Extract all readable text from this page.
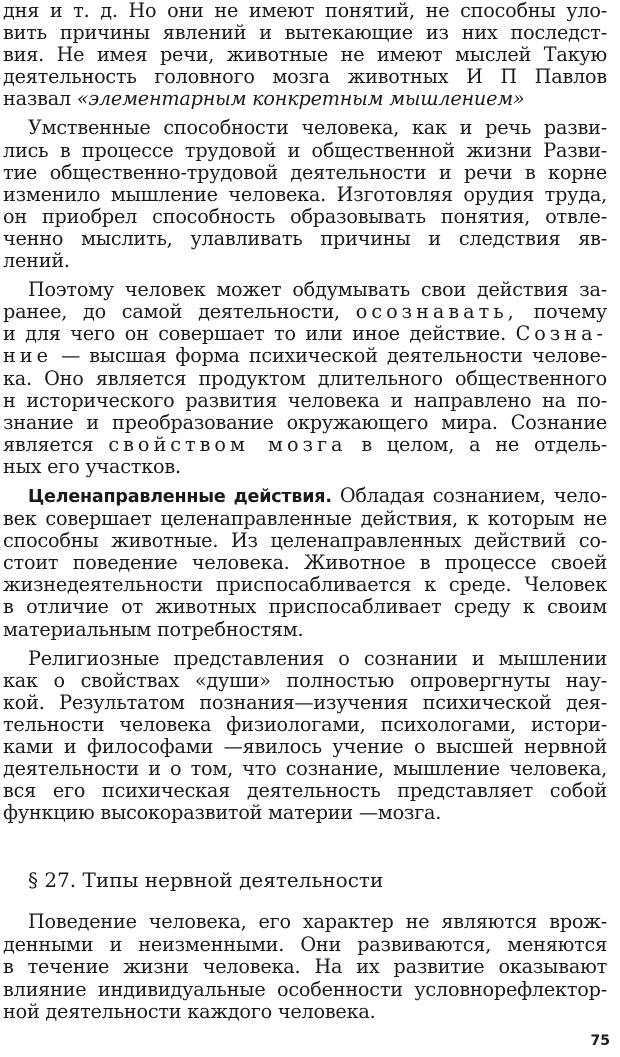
дня и т. д. Но они не имеют понятий, не способны уло-
вить причины явлений и вытекающие из них последст-
вия. Не имея речи, животные не имеют мыслей Такую
деятельность головного мозга животных И П Павлов
назвал «элементарным конкретным мышлением»

Умственные способности человека, как и речь разви-
лись в процессе трудовой и общественной жизни Разви-
тие общественно-трудовой деятельности и речи в корне
изменило мышление человека. Изготовляя орудия труда,
он приобрел способность образовывать понятия, отвле-
ченно мыслить, улавливать причины и следствия яв-
лений.

Поэтому человек может обдумывать свои действия за-
ранее, до самой деятельности, осознавать, почему
и для чего он совершает то или иное действие. Созна-
ние — высшая форма психической деятельности челове-
ка. Оно является продуктом длительного общественного
н исторического развития человека и направлено на по-
знание и преобразование окружающего мира. Сознание
является свойством мозга в целом, а не отдель-
ных его участков.

Целенаправленные действия. Обладая сознанием, чело-
век совершает целенаправленные действия, к которым не
способны животные. Из целенаправленных действий со-
стоит поведение человека. Животное в процессе своей
жизнедеятельности приспосабливается к среде. Человек
в отличие от животных приспосабливает среду к своим
материальным потребностям.

Религиозные представления о сознании и мышлении
как о свойствах «души» полностью опровергнуты нау-
кой. Результатом познания—изучения психической дея-
тельности человека физиологами, психологами, истори-
ками и философами —явилось учение о высшей нервной
деятельности и о том, что сознание, мышление человека,
вся его психическая деятельность представляет собой
функцию высокоразвитой материи —мозга.

§ 27. Типы нервной деятельности

Поведение человека, его характер не являются врож-
денными и неизменными. Они развиваются, меняются
в течение жизни человека. На их развитие оказывают
влияние индивидуальные особенности условнорефлектор-
ной деятельности каждого человека.

75
